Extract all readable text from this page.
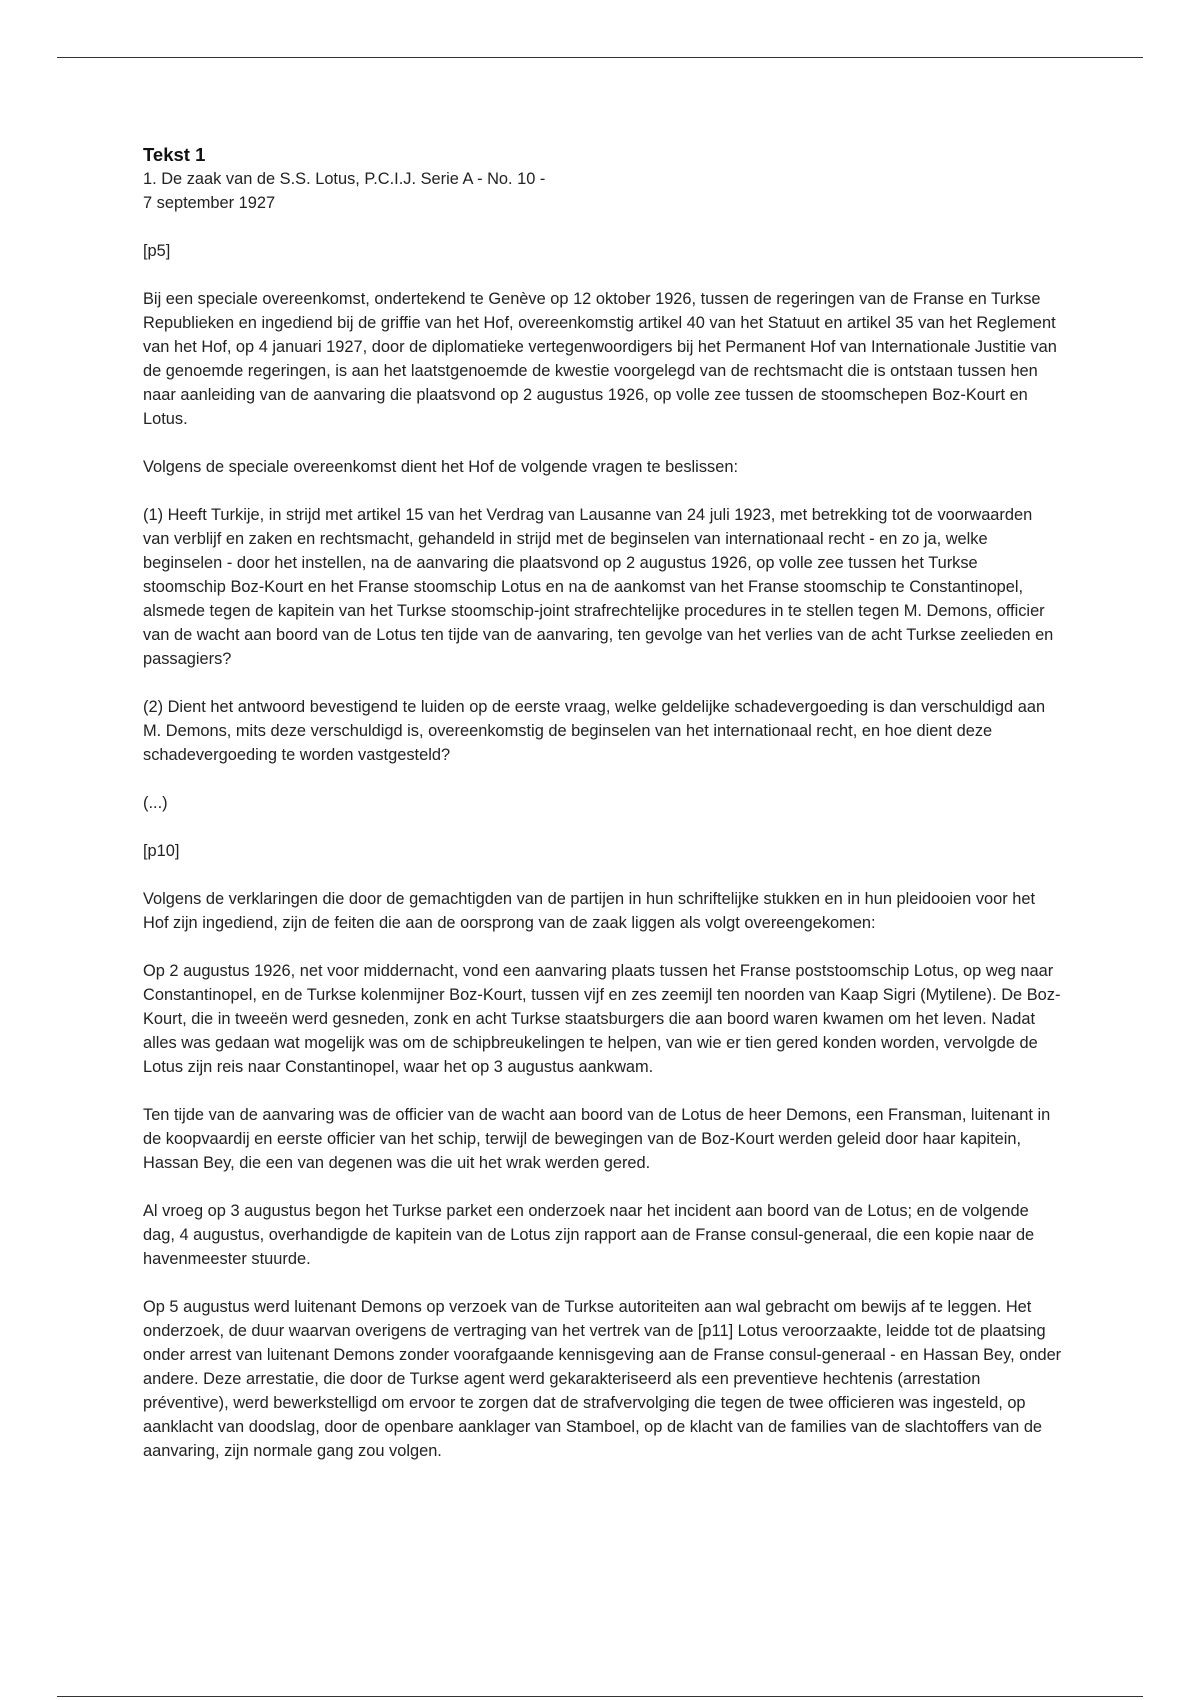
Tekst 1
1. De zaak van de S.S. Lotus, P.C.I.J. Serie A - No. 10 -
7 september 1927

[p5]

Bij een speciale overeenkomst, ondertekend te Genève op 12 oktober 1926, tussen de regeringen van de Franse en Turkse Republieken en ingediend bij de griffie van het Hof, overeenkomstig artikel 40 van het Statuut en artikel 35 van het Reglement van het Hof, op 4 januari 1927, door de diplomatieke vertegenwoordigers bij het Permanent Hof van Internationale Justitie van de genoemde regeringen, is aan het laatstgenoemde de kwestie voorgelegd van de rechtsmacht die is ontstaan tussen hen naar aanleiding van de aanvaring die plaatsvond op 2 augustus 1926, op volle zee tussen de stoomschepen Boz-Kourt en Lotus.

Volgens de speciale overeenkomst dient het Hof de volgende vragen te beslissen:

(1) Heeft Turkije, in strijd met artikel 15 van het Verdrag van Lausanne van 24 juli 1923, met betrekking tot de voorwaarden van verblijf en zaken en rechtsmacht, gehandeld in strijd met de beginselen van internationaal recht - en zo ja, welke beginselen - door het instellen, na de aanvaring die plaatsvond op 2 augustus 1926, op volle zee tussen het Turkse stoomschip Boz-Kourt en het Franse stoomschip Lotus en na de aankomst van het Franse stoomschip te Constantinopel, alsmede tegen de kapitein van het Turkse stoomschip-joint strafrechtelijke procedures in te stellen tegen M. Demons, officier van de wacht aan boord van de Lotus ten tijde van de aanvaring, ten gevolge van het verlies van de acht Turkse zeelieden en passagiers?

(2) Dient het antwoord bevestigend te luiden op de eerste vraag, welke geldelijke schadevergoeding is dan verschuldigd aan M. Demons, mits deze verschuldigd is, overeenkomstig de beginselen van het internationaal recht, en hoe dient deze schadevergoeding te worden vastgesteld?

(...)

[p10]

Volgens de verklaringen die door de gemachtigden van de partijen in hun schriftelijke stukken en in hun pleidooien voor het Hof zijn ingediend, zijn de feiten die aan de oorsprong van de zaak liggen als volgt overeengekomen:

Op 2 augustus 1926, net voor middernacht, vond een aanvaring plaats tussen het Franse poststoomschip Lotus, op weg naar Constantinopel, en de Turkse kolenmijner Boz-Kourt, tussen vijf en zes zeemijl ten noorden van Kaap Sigri (Mytilene). De Boz-Kourt, die in tweeën werd gesneden, zonk en acht Turkse staatsburgers die aan boord waren kwamen om het leven. Nadat alles was gedaan wat mogelijk was om de schipbreukelingen te helpen, van wie er tien gered konden worden, vervolgde de Lotus zijn reis naar Constantinopel, waar het op 3 augustus aankwam.

Ten tijde van de aanvaring was de officier van de wacht aan boord van de Lotus de heer Demons, een Fransman, luitenant in de koopvaardij en eerste officier van het schip, terwijl de bewegingen van de Boz-Kourt werden geleid door haar kapitein, Hassan Bey, die een van degenen was die uit het wrak werden gered.

Al vroeg op 3 augustus begon het Turkse parket een onderzoek naar het incident aan boord van de Lotus; en de volgende dag, 4 augustus, overhandigde de kapitein van de Lotus zijn rapport aan de Franse consul-generaal, die een kopie naar de havenmeester stuurde.

Op 5 augustus werd luitenant Demons op verzoek van de Turkse autoriteiten aan wal gebracht om bewijs af te leggen. Het onderzoek, de duur waarvan overigens de vertraging van het vertrek van de [p11] Lotus veroorzaakte, leidde tot de plaatsing onder arrest van luitenant Demons zonder voorafgaande kennisgeving aan de Franse consul-generaal - en Hassan Bey, onder andere. Deze arrestatie, die door de Turkse agent werd gekarakteriseerd als een preventieve hechtenis (arrestation préventive), werd bewerkstelligd om ervoor te zorgen dat de strafvervolging die tegen de twee officieren was ingesteld, op aanklacht van doodslag, door de openbare aanklager van Stamboel, op de klacht van de families van de slachtoffers van de aanvaring, zijn normale gang zou volgen.
